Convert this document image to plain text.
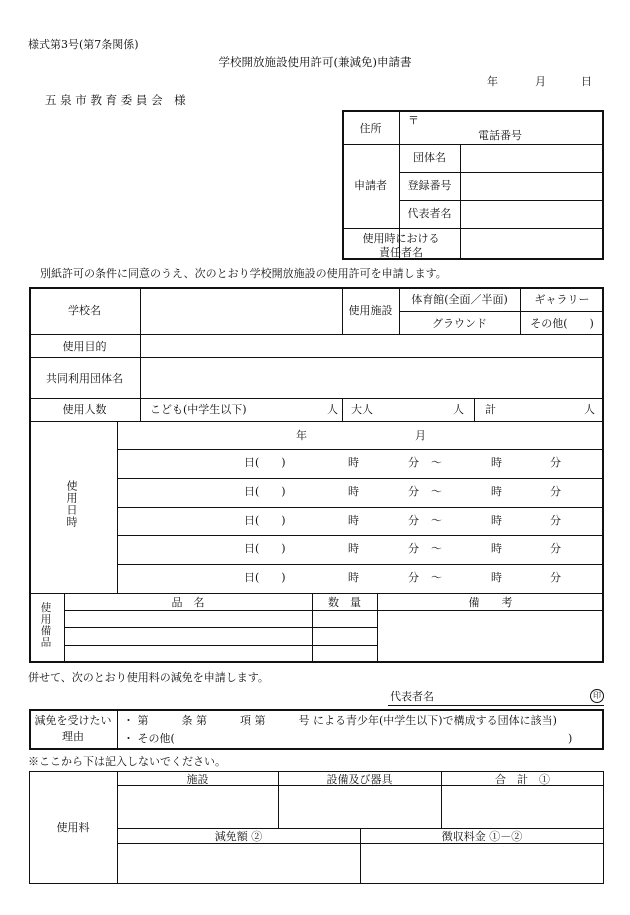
様式第3号(第7条関係)
学校開放施設使用許可(兼減免)申請書
年	月	日
五 泉 市 教 育 委 員 会　様
住所
〒
電話番号
申請者
団体名
登録番号
代表者名
使用時における
責任者名
別紙許可の条件に同意のうえ、次のとおり学校開放施設の使用許可を申請します。
学校名	使用施設
体育館(全面／半面)	ギャラリー
グラウンド	その他(　　)
使用目的
共同利用団体名
使用人数	こども(中学生以下)	人 大人	人 計	人
使用日時
年	月
日(　　)	時	分 ～	時	分
日(　　)	時	分 ～	時	分
日(　　)	時	分 ～	時	分
日(　　)	時	分 ～	時	分
日(　　)	時	分 ～	時	分
使用備品	品　名	数　量	備　　考
併せて、次のとおり使用料の減免を申請します。
代表者名	印
減免を受けたい
理由
・ 第　　　条 第　　　項 第　　　号 による青少年(中学生以下)で構成する団体に該当)
・ その他(	)
※ここから下は記入しないでください。
使用料
施設	設備及び器具	合　計　①
減免額 ②	徴収料金 ①－②
